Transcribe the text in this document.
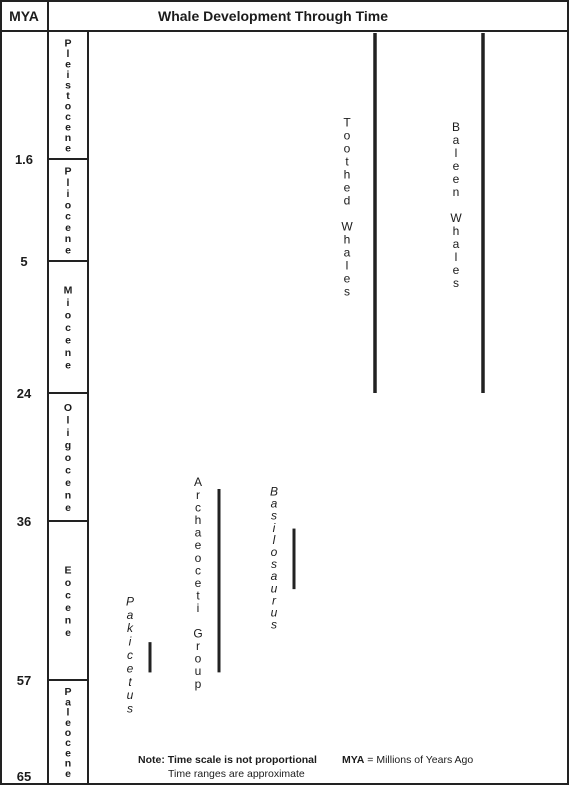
MYA	Whale Development Through Time
1.6
5
24
36
57
65
P l e i s t o c e n e
P l i o c e n e
M i o c e n e
O l i g o c e n e
E o c e n e
P a l e o c e n e
P a k i c e t u s
A r c h a e o c e t i G r o u p
B a s i l o s a u r u s
T o o t h e d W h a l e s
B a l e e n W h a l e s
Note: Time scale is not proportional MYA = Millions of Years Ago
Time ranges are approximate
